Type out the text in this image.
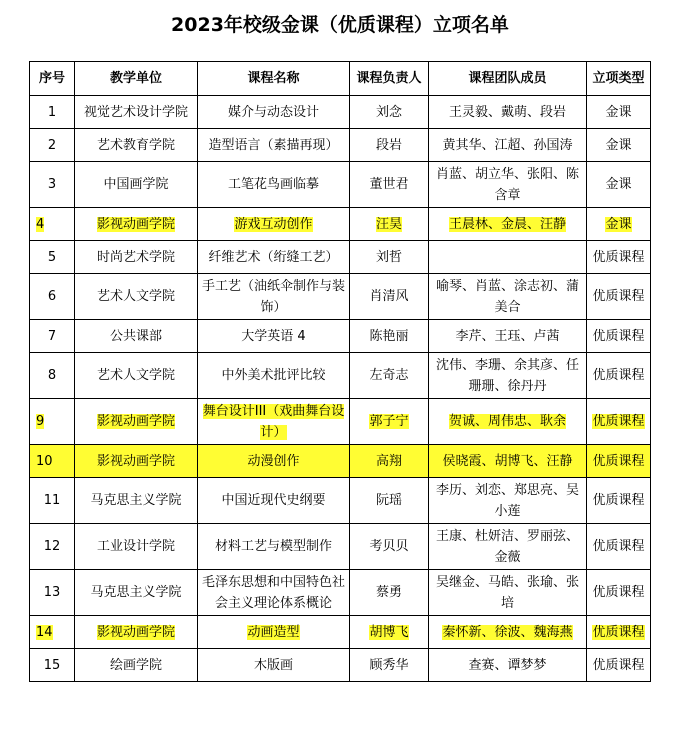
2023年校级金课（优质课程）立项名单
序号	教学单位	课程名称	课程负责人	课程团队成员	立项类型
1	视觉艺术设计学院	媒介与动态设计	刘念	王灵毅、戴萌、段岩	金课
2	艺术教育学院	造型语言（素描再现）	段岩	黄其华、江超、孙国涛	金课
3	中国画学院	工笔花鸟画临摹	董世君	肖蓝、胡立华、张阳、陈含章	金课
4	影视动画学院	游戏互动创作	汪昊	王晨林、金晨、汪静	金课
5	时尚艺术学院	纤维艺术（绗缝工艺）	刘哲		优质课程
6	艺术人文学院	手工艺（油纸伞制作与装饰）	肖清风	喻琴、肖蓝、涂志初、蒲美合	优质课程
7	公共课部	大学英语 4	陈艳丽	李芹、王珏、卢茜	优质课程
8	艺术人文学院	中外美术批评比较	左奇志	沈伟、李珊、余其彦、任珊珊、徐丹丹	优质课程
9	影视动画学院	舞台设计III（戏曲舞台设计）	郭子宁	贺诚、周伟忠、耿余	优质课程
10	影视动画学院	动漫创作	高翔	侯晓霞、胡博飞、汪静	优质课程
11	马克思主义学院	中国近现代史纲要	阮瑶	李历、刘恋、郑思亮、吴小莲	优质课程
12	工业设计学院	材料工艺与模型制作	考贝贝	王康、杜妍洁、罗丽弦、金薇	优质课程
13	马克思主义学院	毛泽东思想和中国特色社会主义理论体系概论	蔡勇	吴继金、马皓、张瑜、张培	优质课程
14	影视动画学院	动画造型	胡博飞	秦怀新、徐波、魏海燕	优质课程
15	绘画学院	木版画	顾秀华	查赛、谭梦梦	优质课程
